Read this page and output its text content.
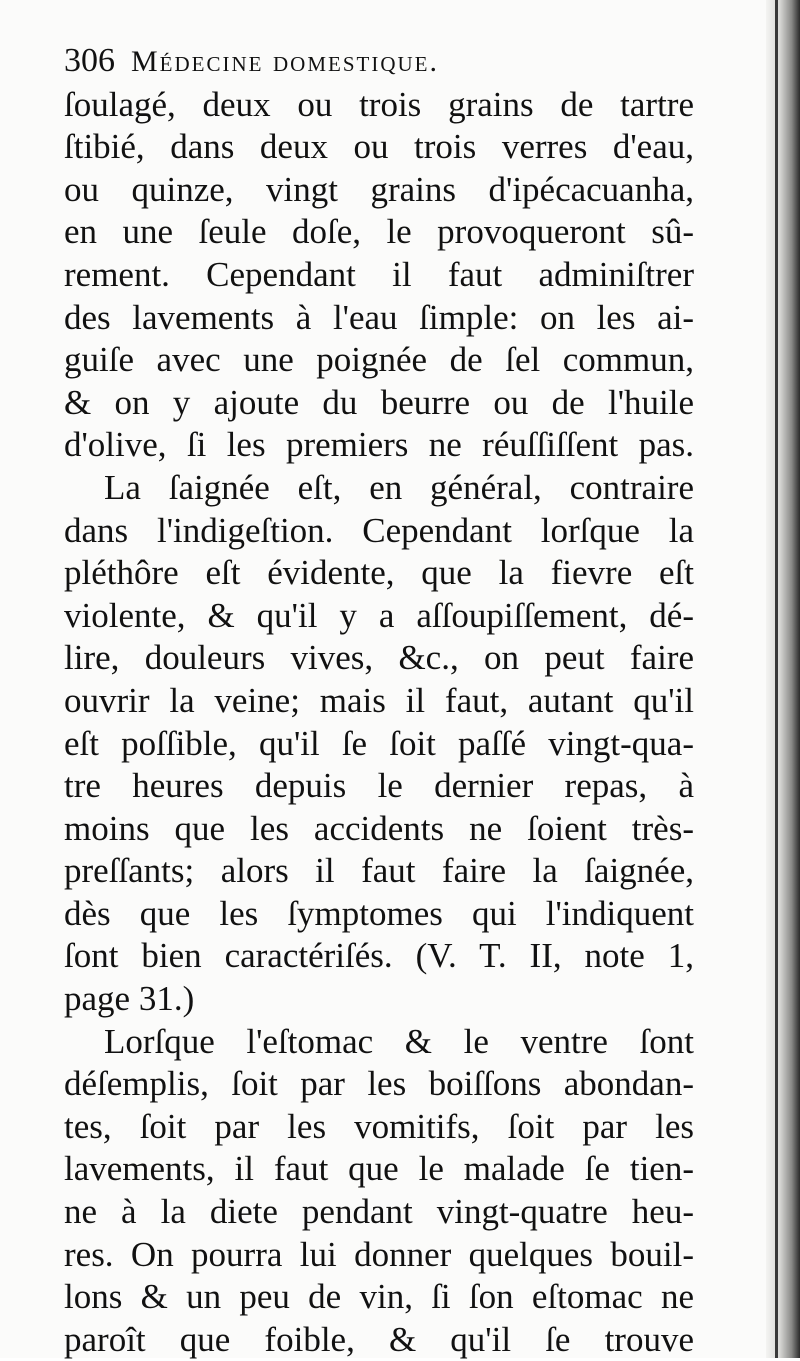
306 Médecine domestique.
ſoulagé, deux ou trois grains de tartre
ſtibié, dans deux ou trois verres d'eau,
ou quinze, vingt grains d'ipécacuanha,
en une ſeule doſe, le provoqueront sû-
rement. Cependant il faut adminiſtrer
des lavements à l'eau ſimple: on les ai-
guiſe avec une poignée de ſel commun,
& on y ajoute du beurre ou de l'huile
d'olive, ſi les premiers ne réuſſiſſent pas.
La ſaignée eſt, en général, contraire
dans l'indigeſtion. Cependant lorſque la
pléthôre eſt évidente, que la fievre eſt
violente, & qu'il y a aſſoupiſſement, dé-
lire, douleurs vives, &c., on peut faire
ouvrir la veine; mais il faut, autant qu'il
eſt poſſible, qu'il ſe ſoit paſſé vingt-qua-
tre heures depuis le dernier repas, à
moins que les accidents ne ſoient très-
preſſants; alors il faut faire la ſaignée,
dès que les ſymptomes qui l'indiquent
ſont bien caractériſés. (V. T. II, note 1,
page 31.)
Lorſque l'eſtomac & le ventre ſont
déſemplis, ſoit par les boiſſons abondan-
tes, ſoit par les vomitifs, ſoit par les
lavements, il faut que le malade ſe tien-
ne à la diete pendant vingt-quatre heu-
res. On pourra lui donner quelques bouil-
lons & un peu de vin, ſi ſon eſtomac ne
paroît que foible, & qu'il ſe trouve
